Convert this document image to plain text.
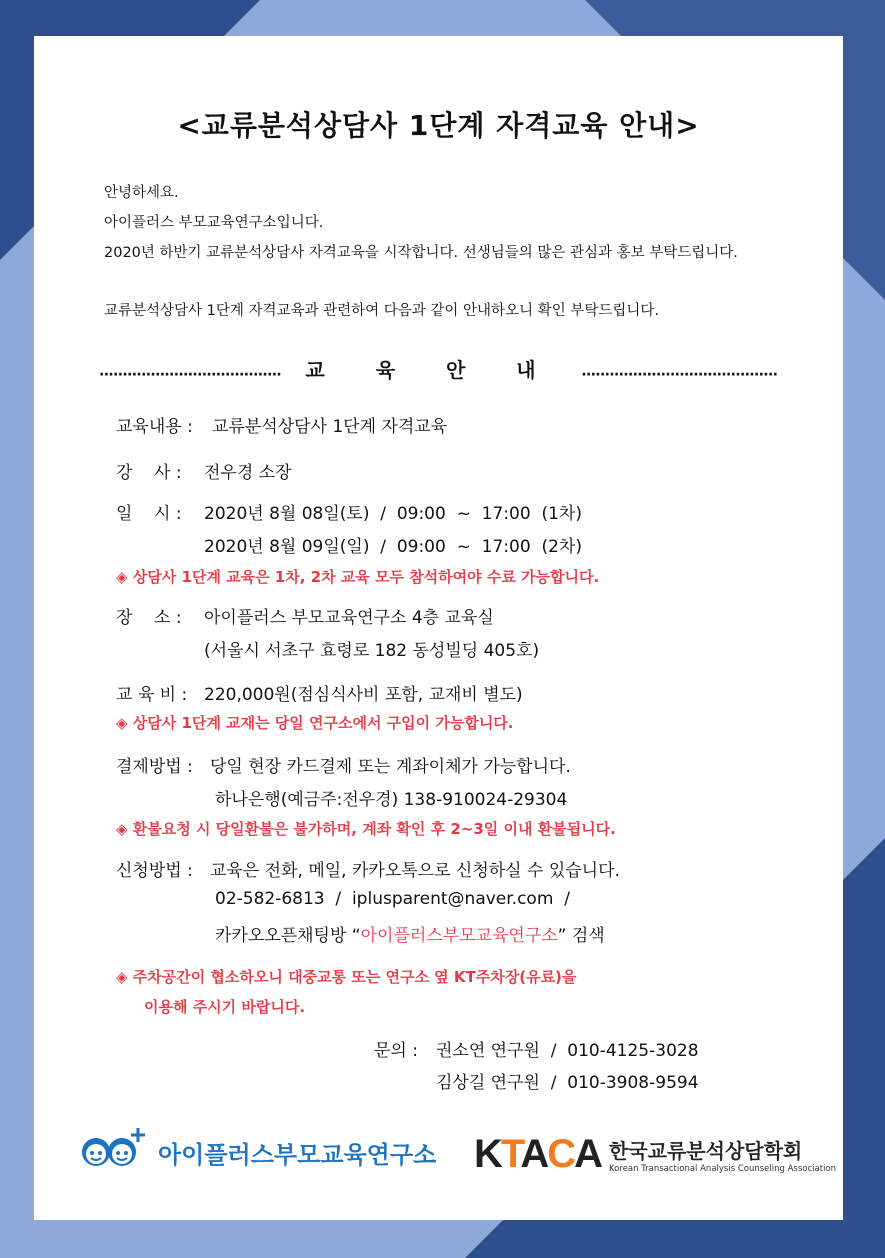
<교류분석상담사 1단계 자격교육 안내>
안녕하세요.
아이플러스 부모교육연구소입니다.
2020년 하반기 교류분석상담사 자격교육을 시작합니다. 선생님들의 많은 관심과 홍보 부탁드립니다.
교류분석상담사 1단계 자격교육과 관련하여 다음과 같이 안내하오니 확인 부탁드립니다.
………………………………… 교 육 안 내 ……………………………………
교육내용 : 교류분석상담사 1단계 자격교육
강    사 : 전우경 소장
일    시 : 2020년 8월 08일(토)  /  09:00  ~  17:00  (1차)
2020년 8월 09일(일)  /  09:00  ~  17:00  (2차)
◈ 상담사 1단계 교육은 1차, 2차 교육 모두 참석하여야 수료 가능합니다.
장    소 : 아이플러스 부모교육연구소 4층 교육실
(서울시 서초구 효령로 182 동성빌딩 405호)
교 육 비 : 220,000원(점심식사비 포함, 교재비 별도)
◈ 상담사 1단계 교재는 당일 연구소에서 구입이 가능합니다.
결제방법 : 당일 현장 카드결제 또는 계좌이체가 가능합니다.
하나은행(예금주:전우경) 138-910024-29304
◈ 환불요청 시 당일환불은 불가하며, 계좌 확인 후 2~3일 이내 환불됩니다.
신청방법 : 교육은 전화, 메일, 카카오톡으로 신청하실 수 있습니다.
02-582-6813  /  iplusparent@naver.com  /
카카오오픈채팅방 “아이플러스부모교육연구소” 검색
◈ 주차공간이 협소하오니 대중교통 또는 연구소 옆 KT주차장(유료)을
이용해 주시기 바랍니다.
문의 : 권소연 연구원  /  010-4125-3028
김상길 연구원  /  010-3908-9594
아이플러스부모교육연구소 KTACA 한국교류분석상담학회
Korean Transactional Analysis Counseling Association
